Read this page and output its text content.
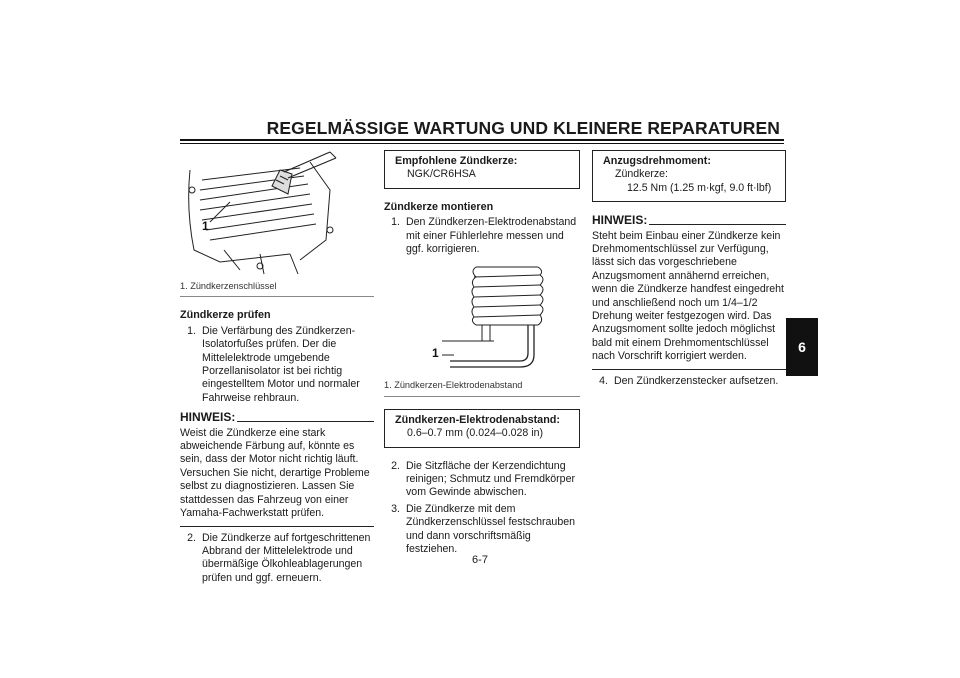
REGELMÄSSIGE WARTUNG UND KLEINERE REPARATUREN
1
1. Zündkerzenschlüssel
Zündkerze prüfen
1. Die Verfärbung des Zündkerzen-Isolatorfußes prüfen. Der die Mittelelektrode umgebende Porzellanisolator ist bei richtig eingestelltem Motor und normaler Fahrweise rehbraun.
HINWEIS:
Weist die Zündkerze eine stark abweichende Färbung auf, könnte es sein, dass der Motor nicht richtig läuft. Versuchen Sie nicht, derartige Probleme selbst zu diagnostizieren. Lassen Sie stattdessen das Fahrzeug von einer Yamaha-Fachwerkstatt prüfen.
2. Die Zündkerze auf fortgeschrittenen Abbrand der Mittelelektrode und übermäßige Ölkohleablagerungen prüfen und ggf. erneuern.
Empfohlene Zündkerze:
NGK/CR6HSA
Zündkerze montieren
1. Den Zündkerzen-Elektrodenabstand mit einer Fühlerlehre messen und ggf. korrigieren.
1
1. Zündkerzen-Elektrodenabstand
Zündkerzen-Elektrodenabstand:
0.6–0.7 mm (0.024–0.028 in)
2. Die Sitzfläche der Kerzendichtung reinigen; Schmutz und Fremdkörper vom Gewinde abwischen.
3. Die Zündkerze mit dem Zündkerzenschlüssel festschrauben und dann vorschriftsmäßig festziehen.
Anzugsdrehmoment:
Zündkerze:
12.5 Nm (1.25 m·kgf, 9.0 ft·lbf)
HINWEIS:
Steht beim Einbau einer Zündkerze kein Drehmomentschlüssel zur Verfügung, lässt sich das vorgeschriebene Anzugsmoment annähernd erreichen, wenn die Zündkerze handfest eingedreht und anschließend noch um 1/4–1/2 Drehung weiter festgezogen wird. Das Anzugsmoment sollte jedoch möglichst bald mit einem Drehmomentschlüssel nach Vorschrift korrigiert werden.
4. Den Zündkerzenstecker aufsetzen.
6
6-7
